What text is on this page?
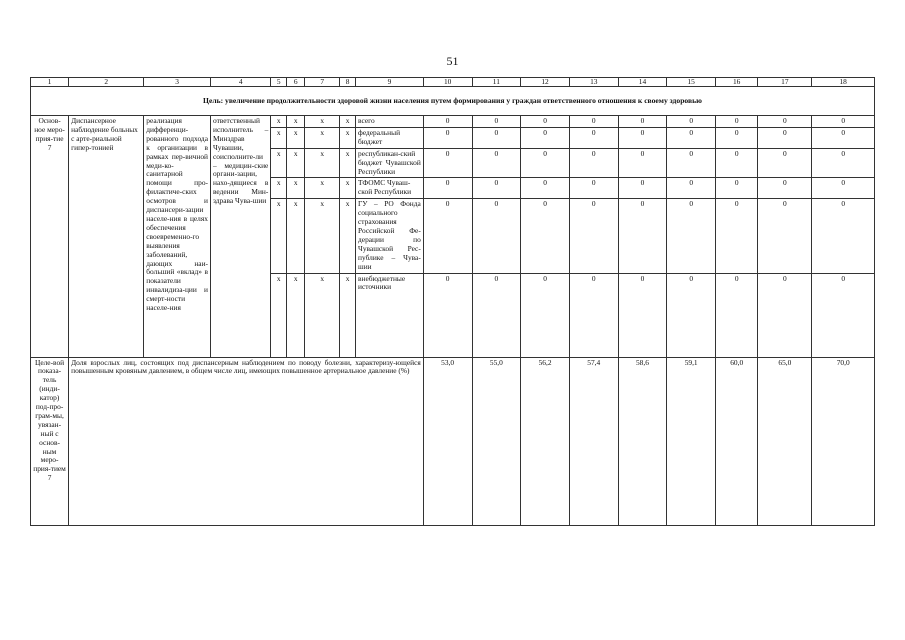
51
1	2	3	4	5	6	7	8	9	10	11	12	13	14	15	16	17	18
Цель: увеличение продолжительности здоровой жизни населения путем формирования у граждан ответственного отношения к своему здоровью																	
Основ-ное меро-прия-тие 7	Диспансерное наблюдение больных с арте-риальной гипер-тонией	реализация дифференци-рованного подхода к организации в рамках пер-вичной меди-ко-санитарной помощи про-филактиче-ских осмотров и диспансери-зации населе-ния в целях обеспечения своевременно-го выявления заболеваний, дающих наи-больший «вклад» в показатели инвалидиза-ции и смерт-ности населе-ния	ответственный исполнитель – Минздрав Чувашии, соисполните-ли – медицин-ские органи-зации, нахо-дящиеся в ведении Мин-здрава Чува-шии	x	x	x	x	всего	0	0	0	0	0	0	0	0	0
				x	x	x	x	федеральный бюджет	0	0	0	0	0	0	0	0	0
				x	x	x	x	республикан-ский бюджет Чувашской Республики	0	0	0	0	0	0	0	0	0
				x	x	x	x	ТФОМС Чуваш-ской Республики	0	0	0	0	0	0	0	0	0
				x	x	x	x	ГУ – РО Фонда социального страхования Российской Фе-дерации по Чувашской Рес-публике – Чува-шии	0	0	0	0	0	0	0	0	0
				x	x	x	x	внебюджетные источники	0	0	0	0	0	0	0	0	0
Целе-вой показа-тель (инди-катор) под-про-грам-мы, увязан-ный с основ-ным меро-прия-тием 7	Доля взрослых лиц, состоящих под диспансерным наблюдением по поводу болезни, характеризу-ющейся повышенным кровяным давлением, в общем числе лиц, имеющих повышенное артериальное давление (%)								53,0	55,0	56,2	57,4	58,6	59,1	60,0	65,0	70,0
